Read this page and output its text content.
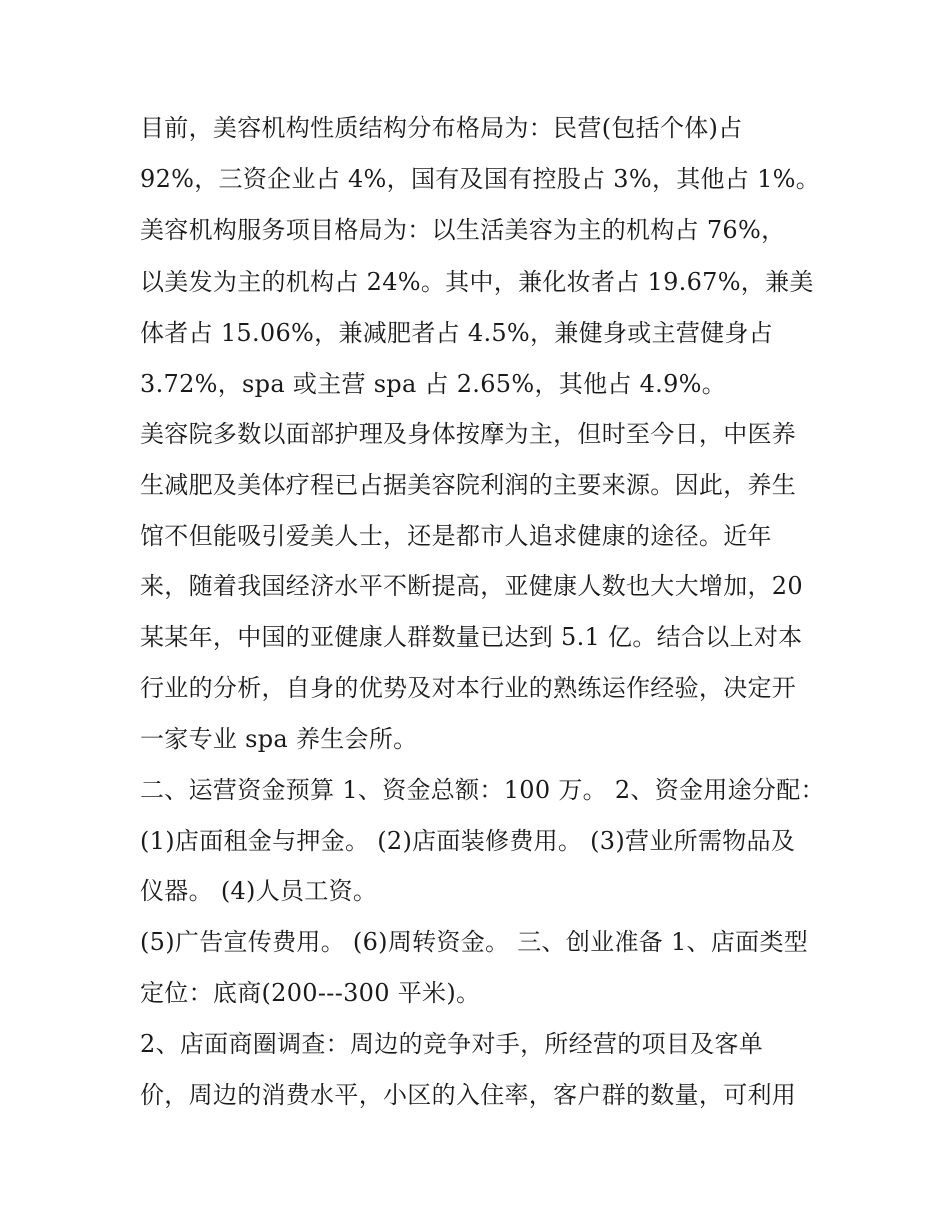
目前，美容机构性质结构分布格局为：民营(包括个体)占
92%，三资企业占 4%，国有及国有控股占 3%，其他占 1%。
美容机构服务项目格局为：以生活美容为主的机构占 76%，
以美发为主的机构占 24%。其中，兼化妆者占 19.67%，兼美
体者占 15.06%，兼减肥者占 4.5%，兼健身或主营健身占
3.72%，spa 或主营 spa 占 2.65%，其他占 4.9%。
美容院多数以面部护理及身体按摩为主，但时至今日，中医养
生减肥及美体疗程已占据美容院利润的主要来源。因此，养生
馆不但能吸引爱美人士，还是都市人追求健康的途径。近年
来，随着我国经济水平不断提高，亚健康人数也大大增加，20
某某年，中国的亚健康人群数量已达到 5.1 亿。结合以上对本
行业的分析，自身的优势及对本行业的熟练运作经验，决定开
一家专业 spa 养生会所。
二、运营资金预算 1、资金总额：100 万。 2、资金用途分配：
(1)店面租金与押金。 (2)店面装修费用。 (3)营业所需物品及
仪器。 (4)人员工资。
(5)广告宣传费用。 (6)周转资金。 三、创业准备 1、店面类型
定位：底商(200---300 平米)。
2、店面商圈调查：周边的竞争对手，所经营的项目及客单
价，周边的消费水平，小区的入住率，客户群的数量，可利用
